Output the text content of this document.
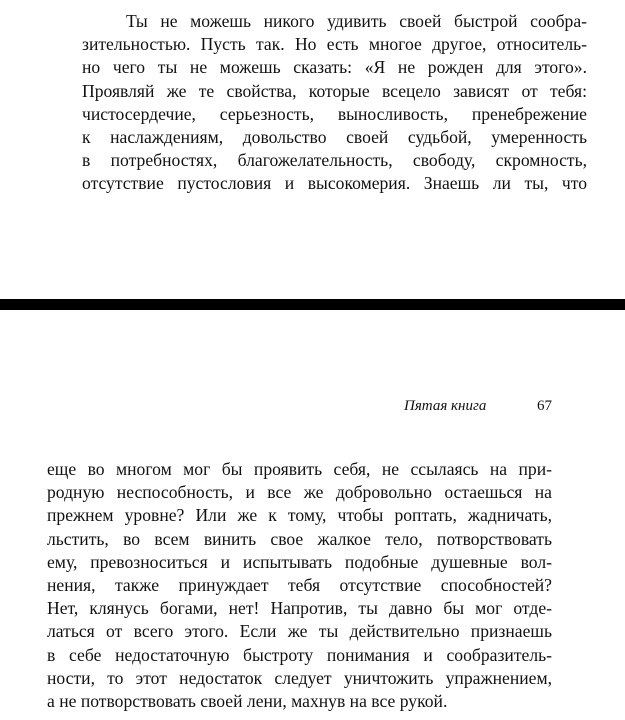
Ты не можешь никого удивить своей быстрой сообра-
зительностью. Пусть так. Но есть многое другое, относитель-
но чего ты не можешь сказать: «Я не рожден для этого».
Проявляй же те свойства, которые всецело зависят от тебя:
чистосердечие, серьезность, выносливость, пренебрежение
к наслаждениям, довольство своей судьбой, умеренность
в потребностях, благожелательность, свободу, скромность,
отсутствие пустословия и высокомерия. Знаешь ли ты, что
Пятая книга	67
еще во многом мог бы проявить себя, не ссылаясь на при-
родную неспособность, и все же добровольно остаешься на
прежнем уровне? Или же к тому, чтобы роптать, жадничать,
льстить, во всем винить свое жалкое тело, потворствовать
ему, превозноситься и испытывать подобные душевные вол-
нения, также принуждает тебя отсутствие способностей?
Нет, клянусь богами, нет! Напротив, ты давно бы мог отде-
латься от всего этого. Если же ты действительно признаешь
в себе недостаточную быстроту понимания и сообразитель-
ности, то этот недостаток следует уничтожить упражнением,
а не потворствовать своей лени, махнув на все рукой.
